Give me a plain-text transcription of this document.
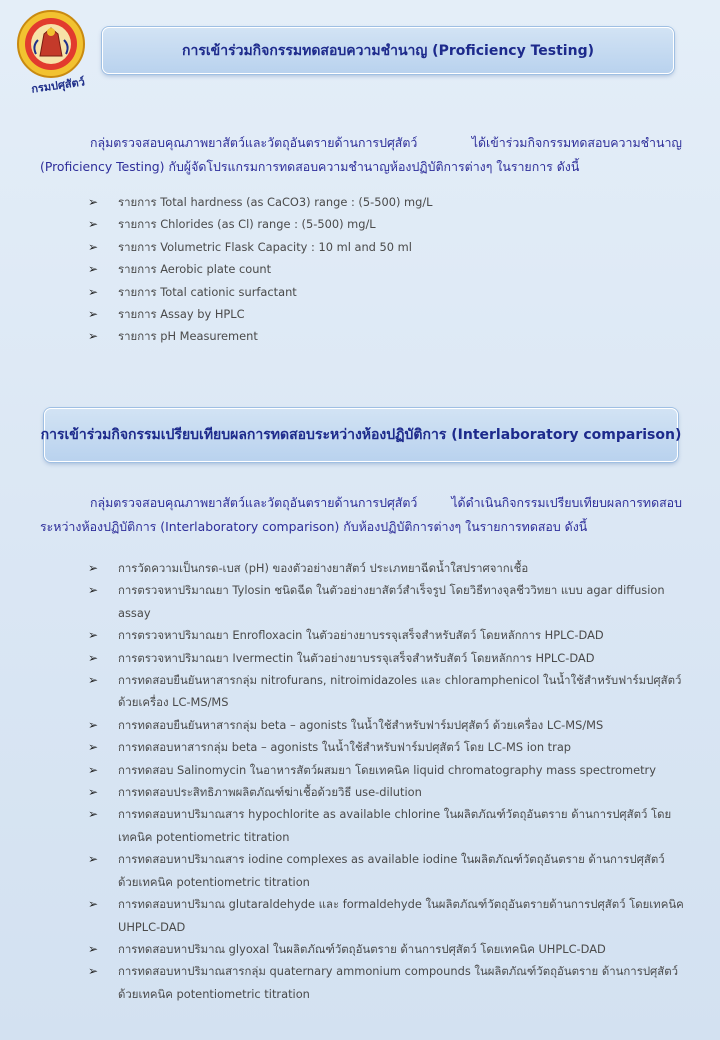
กรมปศุสัตว์
การเข้าร่วมกิจกรรมทดสอบความชำนาญ (Proficiency Testing)
กลุ่มตรวจสอบคุณภาพยาสัตว์และวัตถุอันตรายด้านการปศุสัตว์ ได้เข้าร่วมกิจกรรมทดสอบความชำนาญ (Proficiency Testing) กับผู้จัดโปรแกรมการทดสอบความชำนาญห้องปฏิบัติการต่างๆ ในรายการ ดังนี้
➢ รายการ Total hardness (as CaCO3) range : (5-500) mg/L
➢ รายการ Chlorides (as Cl) range : (5-500) mg/L
➢ รายการ Volumetric Flask Capacity : 10 ml and 50 ml
➢ รายการ Aerobic plate count
➢ รายการ Total cationic surfactant
➢ รายการ Assay by HPLC
➢ รายการ pH Measurement
การเข้าร่วมกิจกรรมเปรียบเทียบผลการทดสอบระหว่างห้องปฏิบัติการ (Interlaboratory comparison)
กลุ่มตรวจสอบคุณภาพยาสัตว์และวัตถุอันตรายด้านการปศุสัตว์ ได้ดำเนินกิจกรรมเปรียบเทียบผลการทดสอบระหว่างห้องปฏิบัติการ (Interlaboratory comparison) กับห้องปฏิบัติการต่างๆ ในรายการทดสอบ ดังนี้
➢ การวัดความเป็นกรด-เบส (pH) ของตัวอย่างยาสัตว์ ประเภทยาฉีดน้ำใสปราศจากเชื้อ
➢ การตรวจหาปริมาณยา Tylosin ชนิดฉีด ในตัวอย่างยาสัตว์สำเร็จรูป โดยวิธีทางจุลชีววิทยา แบบ agar diffusion assay
➢ การตรวจหาปริมาณยา Enrofloxacin ในตัวอย่างยาบรรจุเสร็จสำหรับสัตว์ โดยหลักการ HPLC-DAD
➢ การตรวจหาปริมาณยา Ivermectin ในตัวอย่างยาบรรจุเสร็จสำหรับสัตว์ โดยหลักการ HPLC-DAD
➢ การทดสอบยืนยันหาสารกลุ่ม nitrofurans, nitroimidazoles และ chloramphenicol ในน้ำใช้สำหรับฟาร์มปศุสัตว์ ด้วยเครื่อง LC-MS/MS
➢ การทดสอบยืนยันหาสารกลุ่ม beta – agonists ในน้ำใช้สำหรับฟาร์มปศุสัตว์ ด้วยเครื่อง LC-MS/MS
➢ การทดสอบหาสารกลุ่ม beta – agonists ในน้ำใช้สำหรับฟาร์มปศุสัตว์ โดย LC-MS ion trap
➢ การทดสอบ Salinomycin ในอาหารสัตว์ผสมยา โดยเทคนิค liquid chromatography mass spectrometry
➢ การทดสอบประสิทธิภาพผลิตภัณฑ์ฆ่าเชื้อด้วยวิธี use-dilution
➢ การทดสอบหาปริมาณสาร hypochlorite as available chlorine ในผลิตภัณฑ์วัตถุอันตราย ด้านการปศุสัตว์ โดยเทคนิค potentiometric titration
➢ การทดสอบหาปริมาณสาร iodine complexes as available iodine ในผลิตภัณฑ์วัตถุอันตราย ด้านการปศุสัตว์ ด้วยเทคนิค potentiometric titration
➢ การทดสอบหาปริมาณ glutaraldehyde และ formaldehyde ในผลิตภัณฑ์วัตถุอันตรายด้านการปศุสัตว์ โดยเทคนิค UHPLC-DAD
➢ การทดสอบหาปริมาณ glyoxal ในผลิตภัณฑ์วัตถุอันตราย ด้านการปศุสัตว์ โดยเทคนิค UHPLC-DAD
➢ การทดสอบหาปริมาณสารกลุ่ม quaternary ammonium compounds ในผลิตภัณฑ์วัตถุอันตราย ด้านการปศุสัตว์ ด้วยเทคนิค potentiometric titration
